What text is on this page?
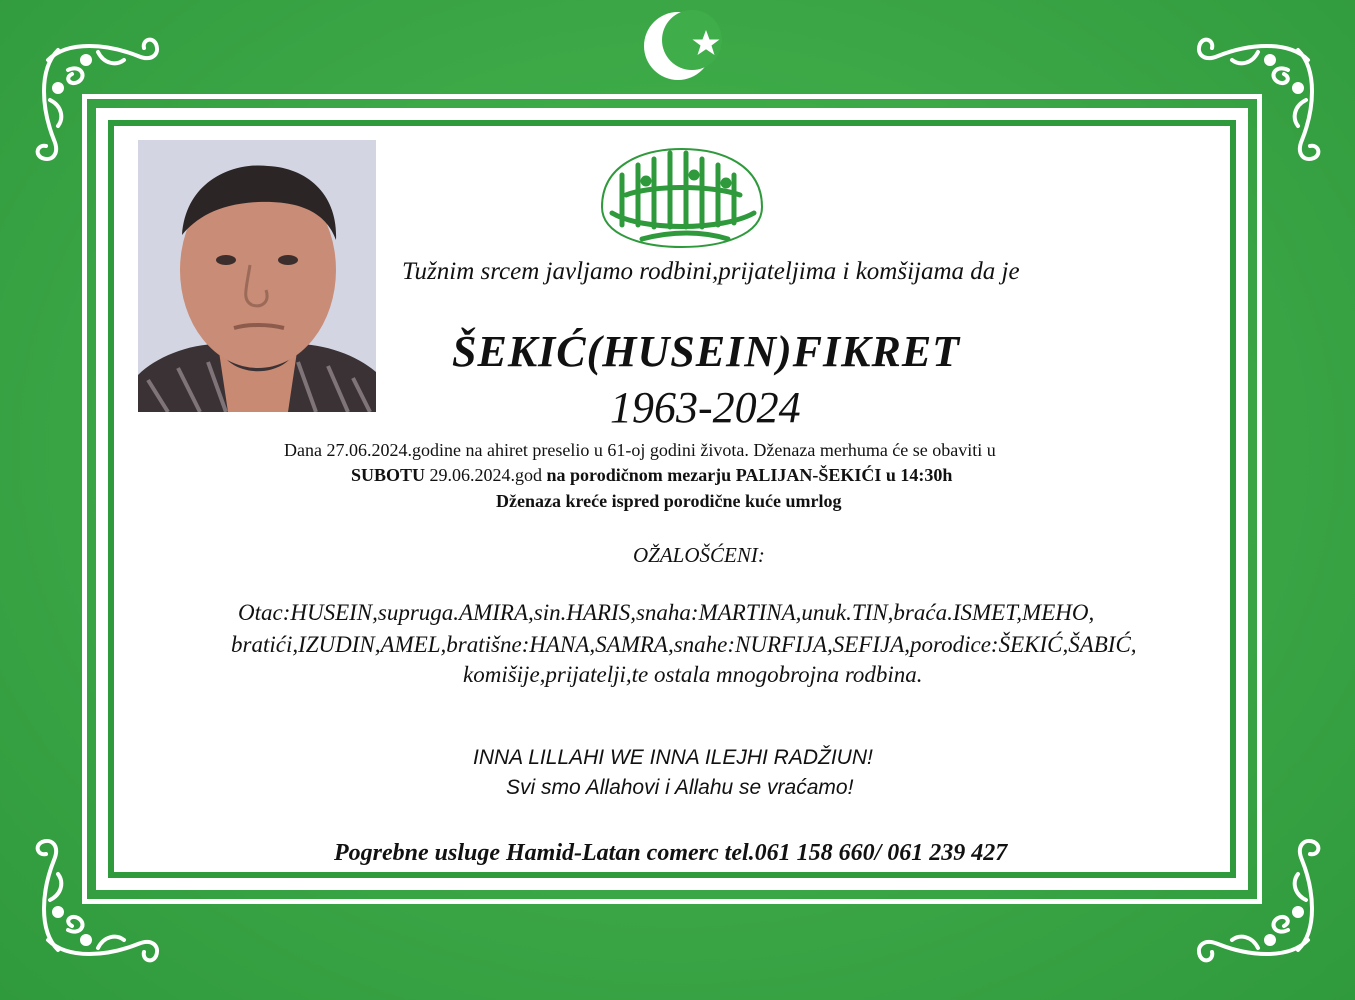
Tužnim srcem javljamo rodbini,prijateljima i komšijama da je
ŠEKIĆ(HUSEIN)FIKRET
1963-2024
Dana 27.06.2024.godine na ahiret preselio u 61-oj godini života. Dženaza merhuma će se obaviti u
SUBOTU 29.06.2024.god na porodičnom mezarju PALIJAN-ŠEKIĆI u 14:30h
Dženaza kreće ispred porodične kuće umrlog
OŽALOŠĆENI:
Otac:HUSEIN,supruga.AMIRA,sin.HARIS,snaha:MARTINA,unuk.TIN,braća.ISMET,MEHO,
bratići,IZUDIN,AMEL,bratišne:HANA,SAMRA,snahe:NURFIJA,SEFIJA,porodice:ŠEKIĆ,ŠABIĆ,
komišije,prijatelji,te ostala mnogobrojna rodbina.
INNA LILLAHI WE INNA ILEJHI RADŽIUN!
Svi smo Allahovi i Allahu se vraćamo!
Pogrebne usluge Hamid-Latan comerc tel.061 158 660/ 061 239 427
